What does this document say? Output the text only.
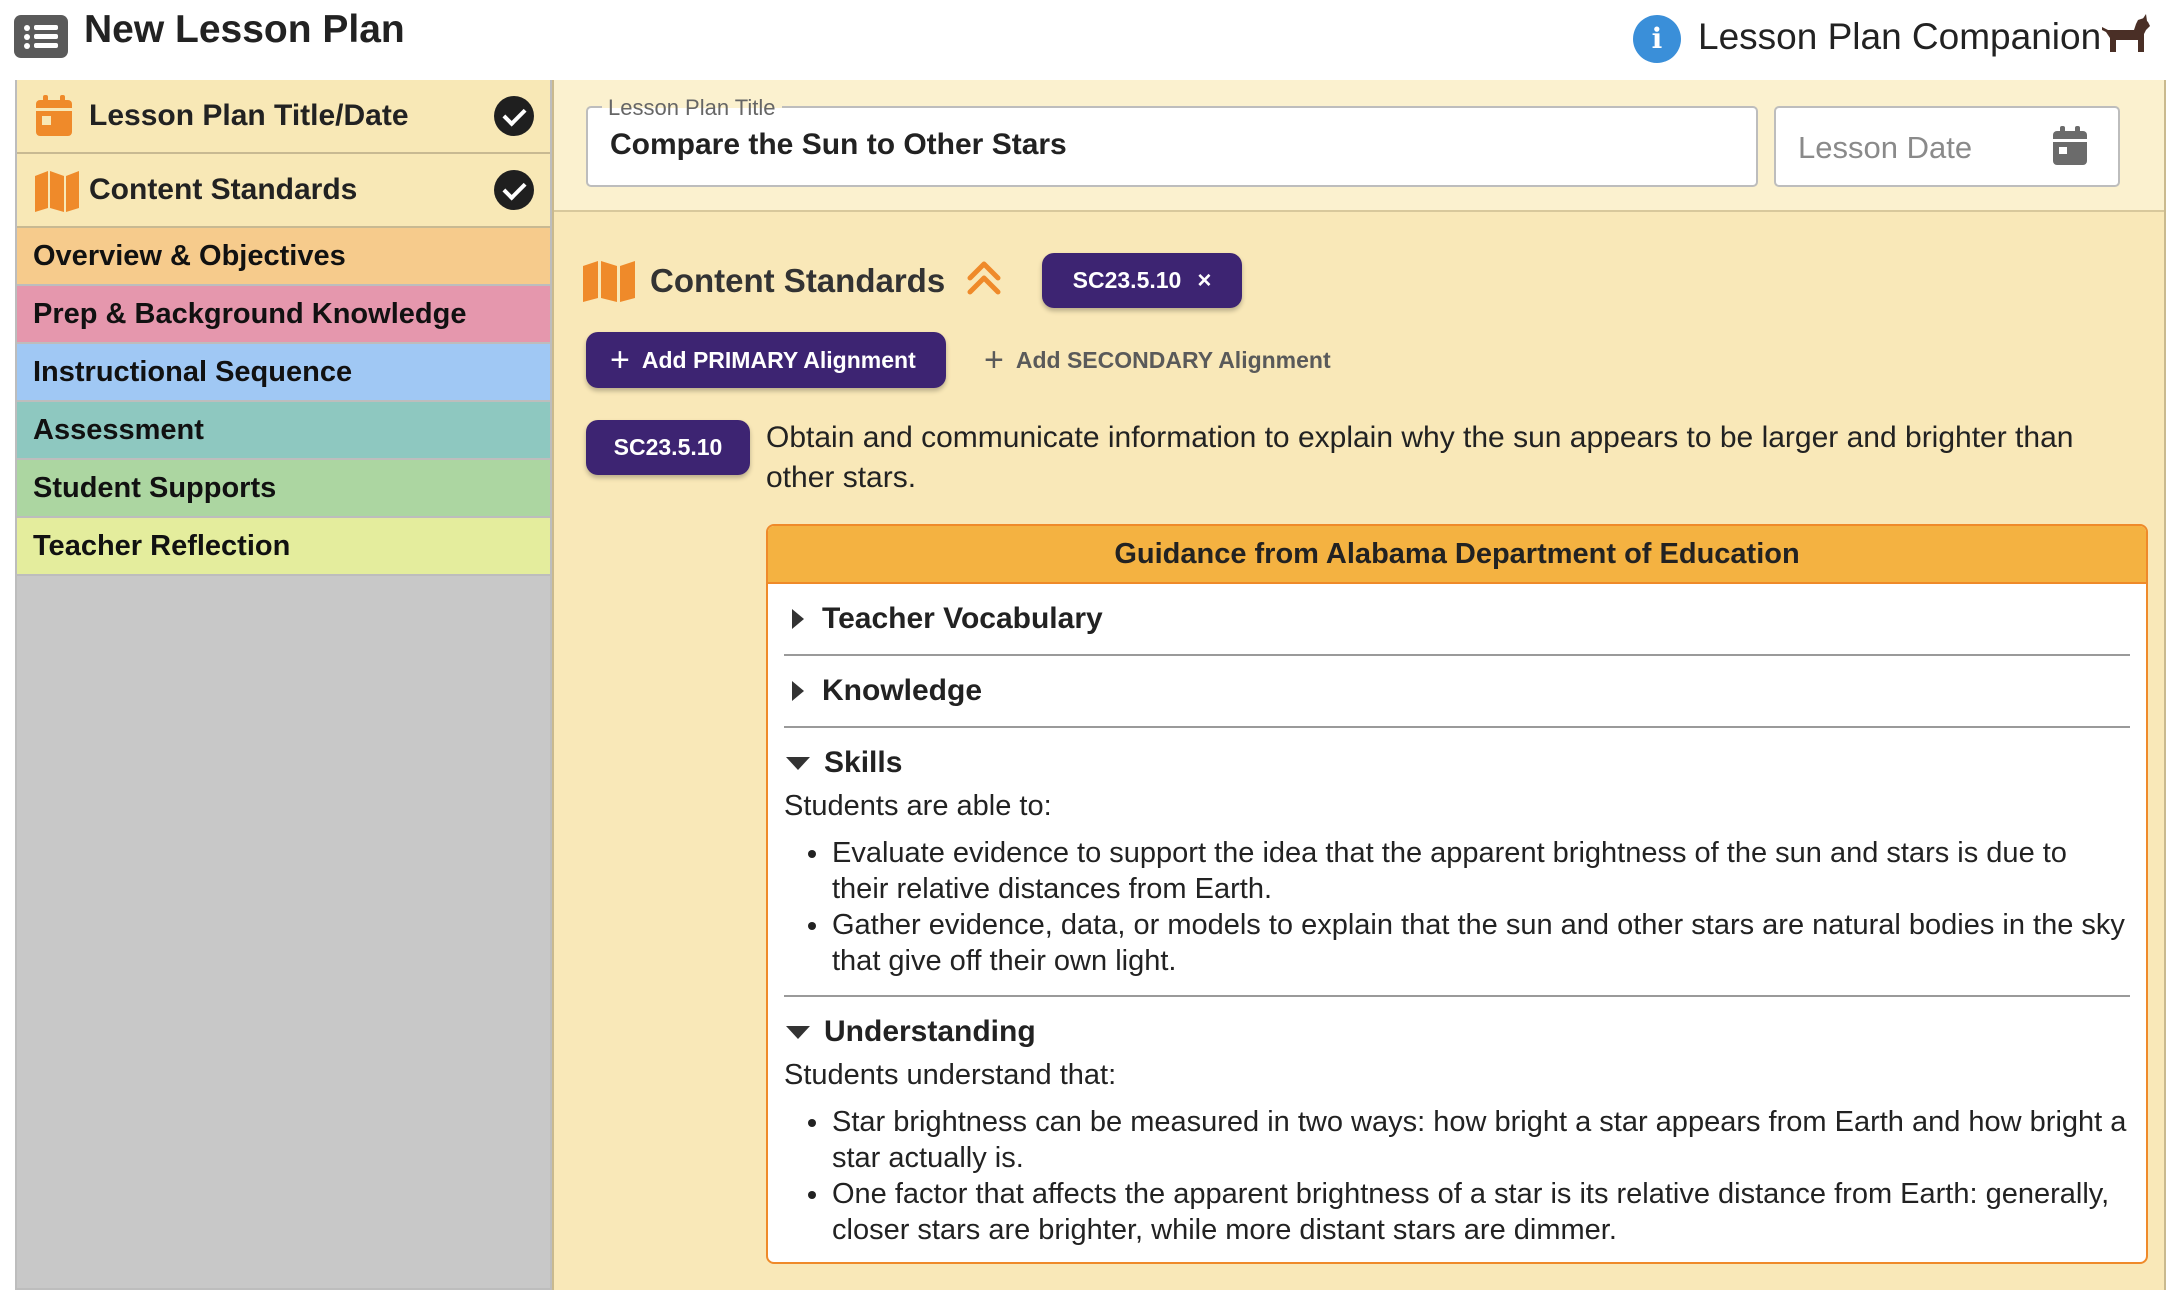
New Lesson Plan	i Lesson Plan Companion
Lesson Plan Title/Date
Content Standards
Overview & Objectives
Prep & Background Knowledge
Instructional Sequence
Assessment
Student Supports
Teacher Reflection
Lesson Plan Title
Compare the Sun to Other Stars	Lesson Date
Content Standards	SC23.5.10 ×
+ Add PRIMARY Alignment + Add SECONDARY Alignment
SC23.5.10	Obtain and communicate information to explain why the sun appears to be larger and brighter than other stars.
Guidance from Alabama Department of Education
Teacher Vocabulary
Knowledge
Skills
Students are able to:
Evaluate evidence to support the idea that the apparent brightness of the sun and stars is due to their relative distances from Earth.
Gather evidence, data, or models to explain that the sun and other stars are natural bodies in the sky that give off their own light.
Understanding
Students understand that:
Star brightness can be measured in two ways: how bright a star appears from Earth and how bright a star actually is.
One factor that affects the apparent brightness of a star is its relative distance from Earth: generally, closer stars are brighter, while more distant stars are dimmer.
